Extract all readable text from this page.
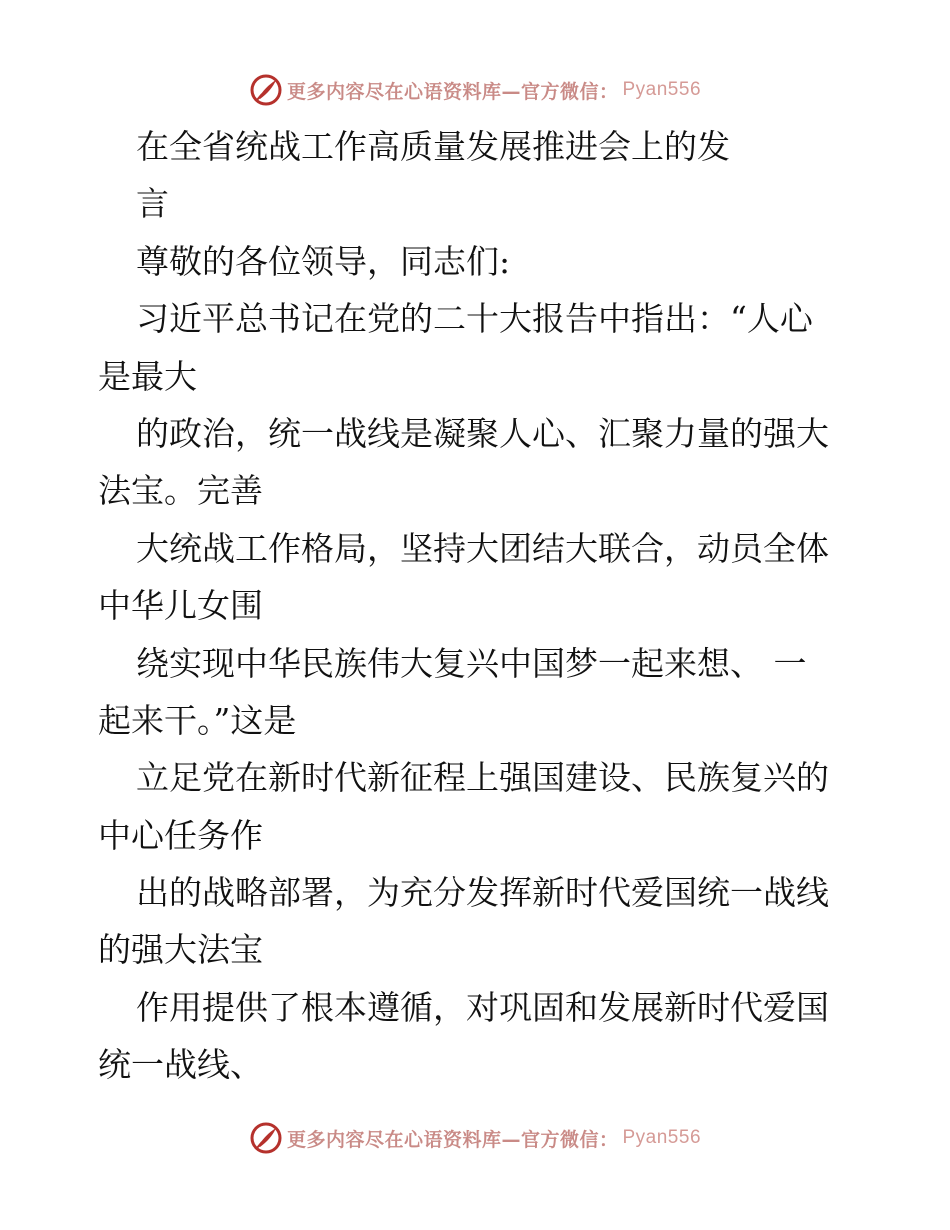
更多内容尽在心语资料库—官方微信： Pyan556
在全省统战工作高质量发展推进会上的发
言
尊敬的各位领导，同志们:
习近平总书记在党的二十大报告中指出：“人心
是最大
的政治，统一战线是凝聚人心、汇聚力量的强大
法宝。完善
大统战工作格局，坚持大团结大联合，动员全体
中华儿女围
绕实现中华民族伟大复兴中国梦一起来想、 一
起来干。”这是
立足党在新时代新征程上强国建设、民族复兴的
中心任务作
出的战略部署，为充分发挥新时代爱国统一战线
的强大法宝
作用提供了根本遵循，对巩固和发展新时代爱国
统一战线、
更多内容尽在心语资料库—官方微信： Pyan556
